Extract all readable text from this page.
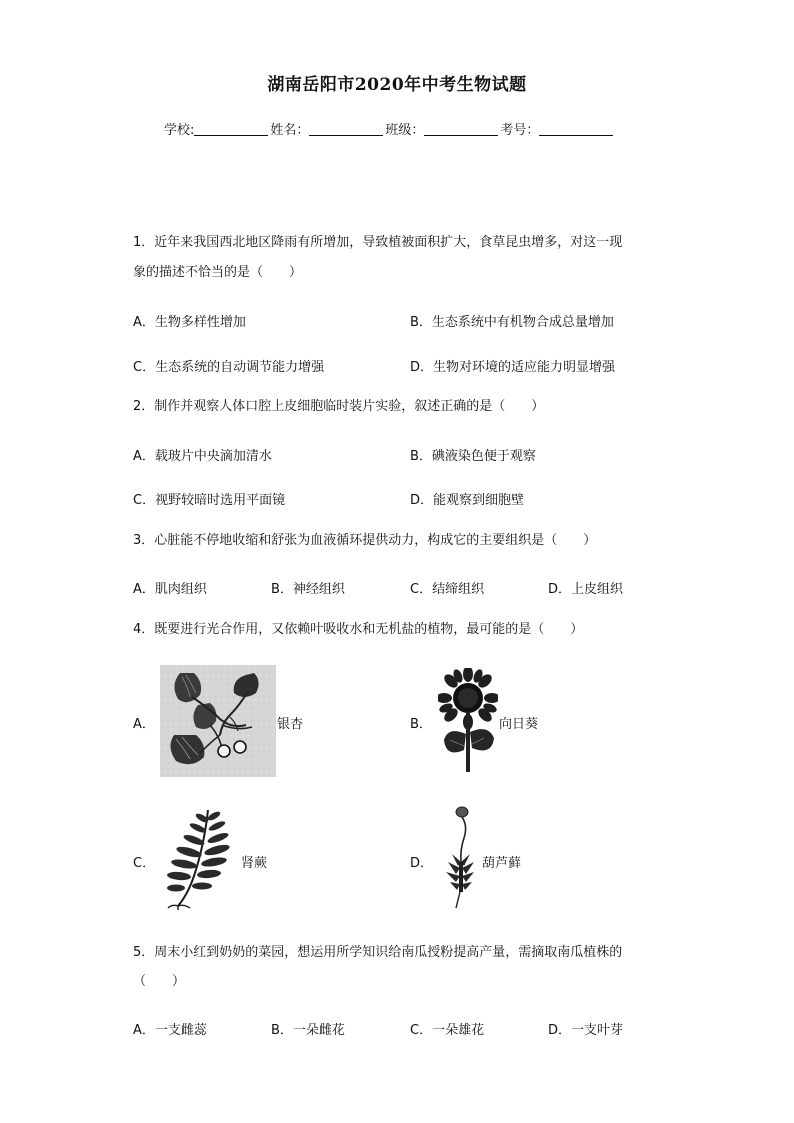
湖南岳阳市2020年中考生物试题
学校:	姓名：	班级：	考号：
1．近年来我国西北地区降雨有所增加，导致植被面积扩大，食草昆虫增多，对这一现
象的描述不恰当的是（　　）
A．生物多样性增加	B．生态系统中有机物合成总量增加
C．生态系统的自动调节能力增强	D．生物对环境的适应能力明显增强
2．制作并观察人体口腔上皮细胞临时装片实验，叙述正确的是（　　）
A．载玻片中央滴加清水	B．碘液染色便于观察
C．视野较暗时选用平面镜	D．能观察到细胞壁
3．心脏能不停地收缩和舒张为血液循环提供动力，构成它的主要组织是（　　）
A．肌肉组织	B．神经组织	C．结缔组织	D．上皮组织
4．既要进行光合作用，又依赖叶吸收水和无机盐的植物，最可能的是（　　）
A．	银杏	B．	向日葵
C．	肾蕨	D．	葫芦藓
5．周末小红到奶奶的菜园，想运用所学知识给南瓜授粉提高产量，需摘取南瓜植株的
（　　）
A．一支雌蕊	B．一朵雌花	C．一朵雄花	D．一支叶芽
